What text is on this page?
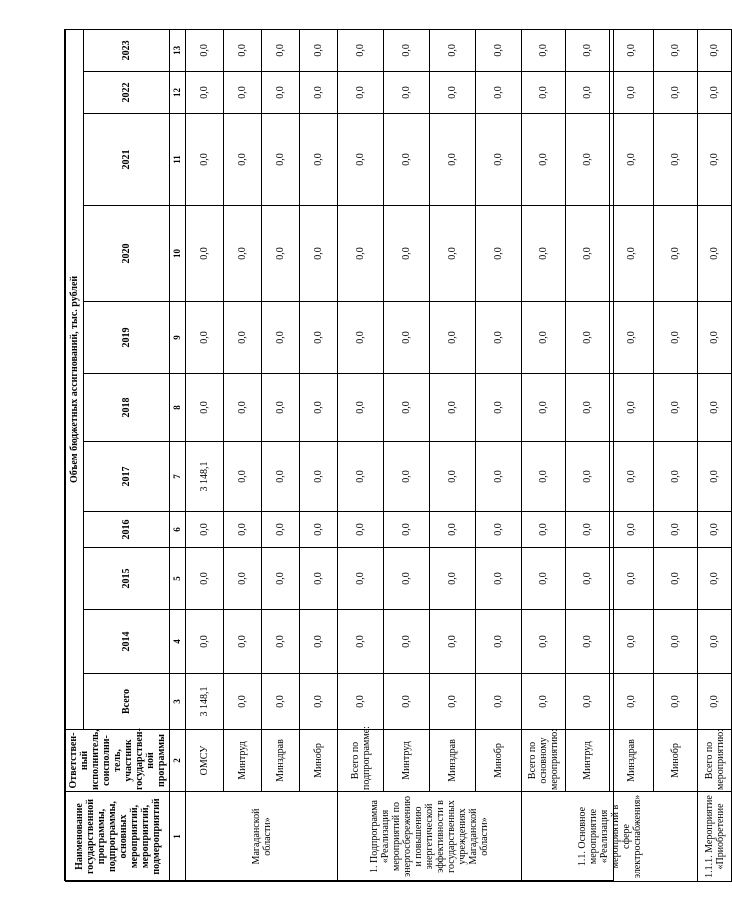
Наименование государственной программы, подпрограммы, основных мероприятий, мероприятий, подмероприятий	Ответствен-ный исполнитель, соисполни-тель, участник государствен-ной программы	Объем бюджетных ассигнований, тыс. рублей										
		Всего	2014	2015	2016	2017	2018	2019	2020	2021	2022	2023
1	2	3	4	5	6	7	8	9	10	11	12	13
Магаданской области»	ОМСУ	3 148,1	0,0	0,0	0,0	3 148,1	0,0	0,0	0,0	0,0	0,0	0,0
	Минтруд	0,0	0,0	0,0	0,0	0,0	0,0	0,0	0,0	0,0	0,0	0,0
	Минздрав	0,0	0,0	0,0	0,0	0,0	0,0	0,0	0,0	0,0	0,0	0,0
	Минобр	0,0	0,0	0,0	0,0	0,0	0,0	0,0	0,0	0,0	0,0	0,0
1. Подпрограмма «Реализация мероприятий по энергосбережению и повышению энергетической эффективности в государственных учреждениях Магаданской области»	Всего по подпрограмме:	0,0	0,0	0,0	0,0	0,0	0,0	0,0	0,0	0,0	0,0	0,0
	Минтруд	0,0	0,0	0,0	0,0	0,0	0,0	0,0	0,0	0,0	0,0	0,0
	Минздрав	0,0	0,0	0,0	0,0	0,0	0,0	0,0	0,0	0,0	0,0	0,0
	Минобр	0,0	0,0	0,0	0,0	0,0	0,0	0,0	0,0	0,0	0,0	0,0
1.1. Основное мероприятие «Реализация мероприятий в сфере электроснабжения»	Всего по основному мероприятию:	0,0	0,0	0,0	0,0	0,0	0,0	0,0	0,0	0,0	0,0	0,0
	Минтруд	0,0	0,0	0,0	0,0	0,0	0,0	0,0	0,0	0,0	0,0	0,0
	Минздрав	0,0	0,0	0,0	0,0	0,0	0,0	0,0	0,0	0,0	0,0	0,0
	Минобр	0,0	0,0	0,0	0,0	0,0	0,0	0,0	0,0	0,0	0,0	0,0
1.1.1. Мероприятие «Приобретение	Всего по мероприятию:	0,0	0,0	0,0	0,0	0,0	0,0	0,0	0,0	0,0	0,0	0,0
